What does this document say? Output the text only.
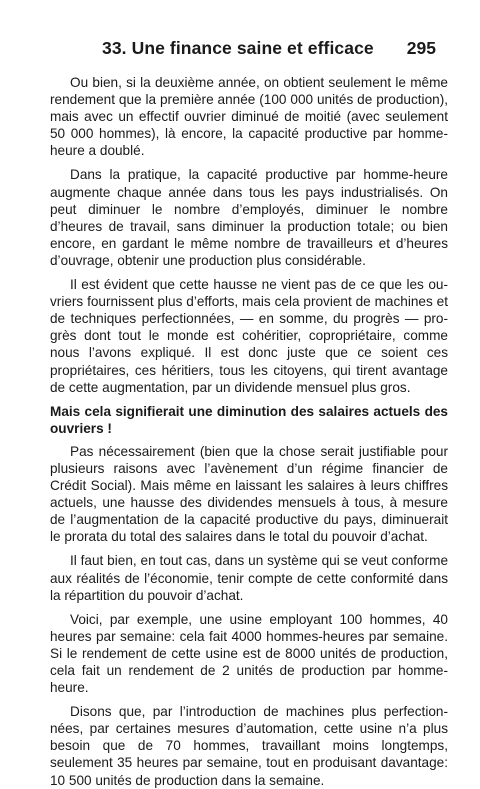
33. Une finance saine et efficace 295

Ou bien, si la deuxième année, on obtient seulement le même rendement que la première année (100 000 unités de production), mais avec un effectif ouvrier diminué de moitié (avec seulement 50 000 hommes), là encore, la capacité productive par homme-heure a doublé.

Dans la pratique, la capacité productive par homme-heure augmente chaque année dans tous les pays industrialisés. On peut diminuer le nombre d’employés, diminuer le nombre d’heures de travail, sans diminuer la production totale; ou bien encore, en gardant le même nombre de travailleurs et d’heures d’ouvrage, obtenir une production plus considérable.

Il est évident que cette hausse ne vient pas de ce que les ouvriers fournissent plus d’efforts, mais cela provient de machines et de techniques perfectionnées, — en somme, du progrès — progrès dont tout le monde est cohéritier, copropriétaire, comme nous l’avons expliqué. Il est donc juste que ce soient ces propriétaires, ces héritiers, tous les citoyens, qui tirent avantage de cette augmentation, par un dividende mensuel plus gros.

Mais cela signifierait une diminution des salaires actuels des ouvriers !

Pas nécessairement (bien que la chose serait justifiable pour plusieurs raisons avec l’avènement d’un régime financier de Crédit Social). Mais même en laissant les salaires à leurs chiffres actuels, une hausse des dividendes mensuels à tous, à mesure de l’augmentation de la capacité productive du pays, diminuerait le prorata du total des salaires dans le total du pouvoir d’achat.

Il faut bien, en tout cas, dans un système qui se veut conforme aux réalités de l’économie, tenir compte de cette conformité dans la répartition du pouvoir d’achat.

Voici, par exemple, une usine employant 100 hommes, 40 heures par semaine: cela fait 4000 hommes-heures par semaine. Si le rendement de cette usine est de 8000 unités de production, cela fait un rendement de 2 unités de production par homme-heure.

Disons que, par l’introduction de machines plus perfectionnées, par certaines mesures d’automation, cette usine n’a plus besoin que de 70 hommes, travaillant moins longtemps, seulement 35 heures par semaine, tout en produisant davantage: 10 500 unités de production dans la semaine.
